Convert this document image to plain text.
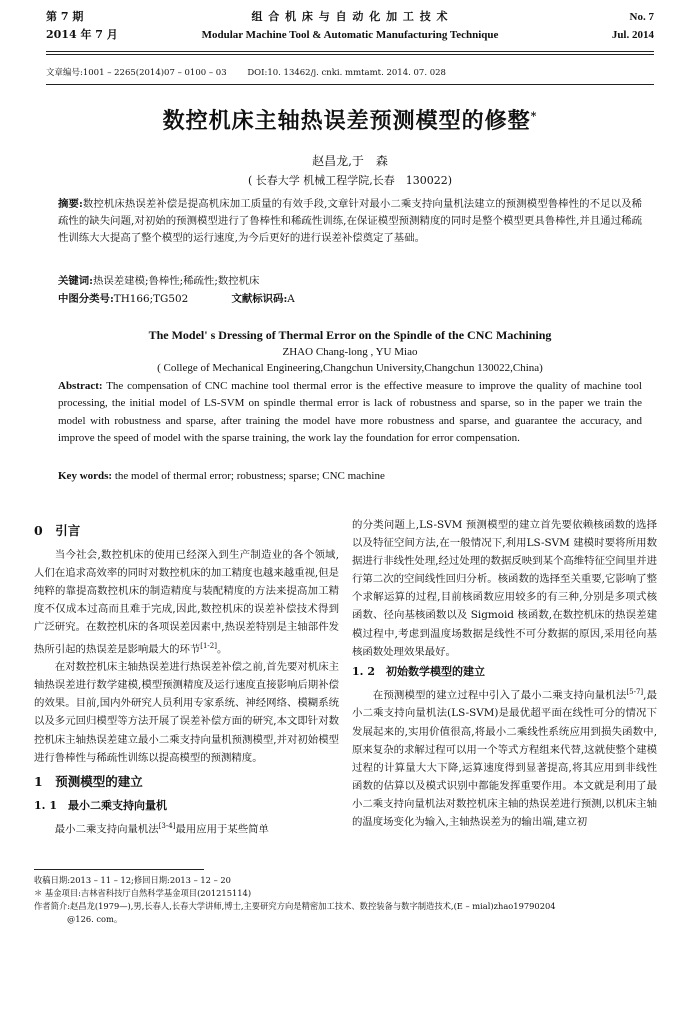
第 7 期
2014 年 7 月
组 合 机 床 与 自 动 化 加 工 技 术
Modular Machine Tool & Automatic Manufacturing Technique
No. 7
Jul. 2014
文章编号:1001 – 2265(2014)07 – 0100 – 03 DOI:10. 13462/j. cnki. mmtamt. 2014. 07. 028
数控机床主轴热误差预测模型的修整*
赵昌龙,于　森
( 长春大学 机械工程学院,长春　130022)
摘要:数控机床热误差补偿是提高机床加工质量的有效手段,文章针对最小二乘支持向量机法建立的预测模型鲁棒性的不足以及稀疏性的缺失问题,对初始的预测模型进行了鲁棒性和稀疏性训练,在保证模型预测精度的同时是整个模型更具鲁棒性,并且通过稀疏性训练大大提高了整个模型的运行速度,为今后更好的进行误差补偿奠定了基础。
关键词:热误差建模;鲁棒性;稀疏性;数控机床
中图分类号:TH166;TG502	文献标识码:A
The Model' s Dressing of Thermal Error on the Spindle of the CNC Machining
ZHAO Chang-long , YU Miao
( College of Mechanical Engineering,Changchun University,Changchun 130022,China)
Abstract: The compensation of CNC machine tool thermal error is the effective measure to improve the quality of machine tool processing, the initial model of LS-SVM on spindle thermal error is lack of robustness and sparse, so in the paper we train the model with robustness and sparse, after training the model have more robustness and sparse, and guarantee the accuracy, and improve the speed of model with the sparse training, the work lay the foundation for error compensation.
Key words: the model of thermal error; robustness; sparse; CNC machine
0　引言

当今社会,数控机床的使用已经深入到生产制造业的各个领域,人们在追求高效率的同时对数控机床的加工精度也越来越重视,但是纯粹的靠提高数控机床的制造精度与装配精度的方法来提高加工精度不仅成本过高而且难于完成,因此,数控机床的误差补偿技术得到广泛研究。在数控机床的各项误差因素中,热误差特别是主轴部件发热所引起的热误差是影响最大的环节[1-2]。

在对数控机床主轴热误差进行热误差补偿之前,首先要对机床主轴热误差进行数学建模,模型预测精度及运行速度直接影响后期补偿的效果。目前,国内外研究人员利用专家系统、神经网络、模糊系统以及多元回归模型等方法开展了误差补偿方面的研究,本文即针对数控机床主轴热误差建立最小二乘支持向量机预测模型,并对初始模型进行鲁棒性与稀疏性训练以提高模型的预测精度。

1　预测模型的建立
1. 1　最小二乘支持向量机

最小二乘支持向量机法[3-4]最用应用于某些简单

的分类问题上,LS-SVM 预测模型的建立首先要依赖核函数的选择以及特征空间方法,在一般情况下,利用LS-SVM 建模时要将所用数据进行非线性处理,经过处理的数据反映到某个高维特征空间里并进行第二次的空间线性回归分析。核函数的选择至关重要,它影响了整个求解运算的过程,目前核函数应用较多的有三种,分别是多项式核函数、径向基核函数以及 Sigmoid 核函数,在数控机床的热误差建模过程中,考虑到温度场数据是线性不可分数据的原因,采用径向基核函数处理效果最好。

1. 2　初始数学模型的建立

在预测模型的建立过程中引入了最小二乘支持向量机法[5-7],最小二乘支持向量机法(LS-SVM)是最优超平面在线性可分的情况下发展起来的,实用价值很高,将最小二乘线性系统应用到损失函数中,原来复杂的求解过程可以用一个等式方程组来代替,这就使整个建模过程的计算量大大下降,运算速度得到显著提高,将其应用到非线性函数的估算以及模式识别中都能发挥重要作用。本文就是利用了最小二乘支持向量机法对数控机床主轴的热误差进行预测,以机床主轴的温度场变化为输入,主轴热误差为的输出端,建立初

收稿日期:2013 – 11 – 12;修回日期:2013 – 12 – 20
＊ 基金项目:吉林省科技厅自然科学基金项目(201215114)
作者简介:赵昌龙(1979—),男,长春人,长春大学讲师,博士,主要研究方向是精密加工技术、数控装备与数字制造技术,(E – mial)zhao19790204
@126. com。
